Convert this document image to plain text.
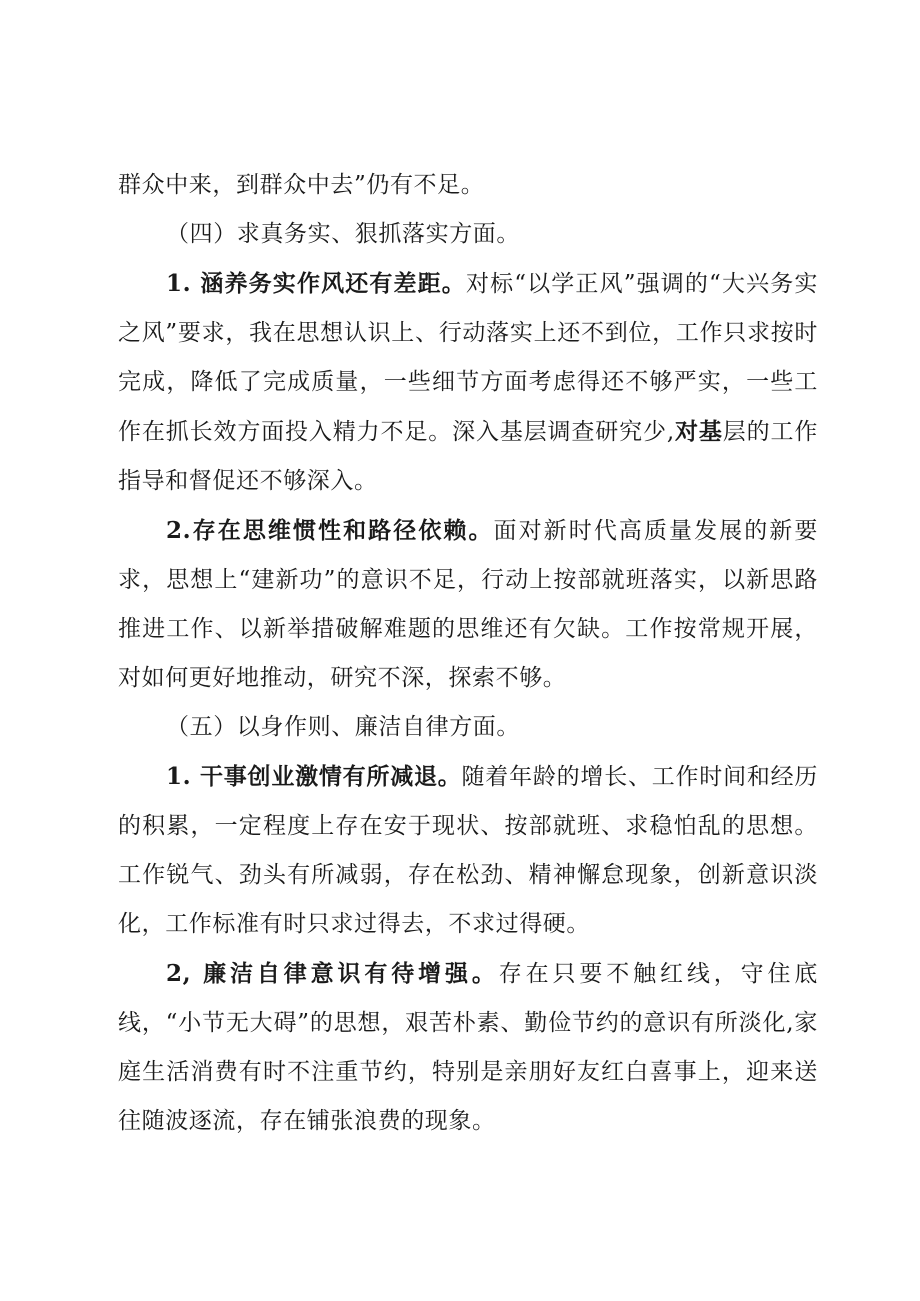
群众中来，到群众中去”仍有不足。

（四）求真务实、狠抓落实方面。

1. 涵养务实作风还有差距。对标“以学正风”强调的“大兴务实之风”要求，我在思想认识上、行动落实上还不到位，工作只求按时完成，降低了完成质量，一些细节方面考虑得还不够严实，一些工作在抓长效方面投入精力不足。深入基层调查研究少,对基层的工作指导和督促还不够深入。

2.存在思维惯性和路径依赖。面对新时代高质量发展的新要求，思想上“建新功”的意识不足，行动上按部就班落实，以新思路推进工作、以新举措破解难题的思维还有欠缺。工作按常规开展，对如何更好地推动，研究不深，探索不够。

（五）以身作则、廉洁自律方面。

1. 干事创业激情有所减退。随着年龄的增长、工作时间和经历的积累，一定程度上存在安于现状、按部就班、求稳怕乱的思想。工作锐气、劲头有所减弱，存在松劲、精神懈怠现象，创新意识淡化，工作标准有时只求过得去，不求过得硬。

2, 廉洁自律意识有待增强。存在只要不触红线，守住底线，“小节无大碍”的思想，艰苦朴素、勤俭节约的意识有所淡化,家庭生活消费有时不注重节约，特别是亲朋好友红白喜事上，迎来送往随波逐流，存在铺张浪费的现象。
